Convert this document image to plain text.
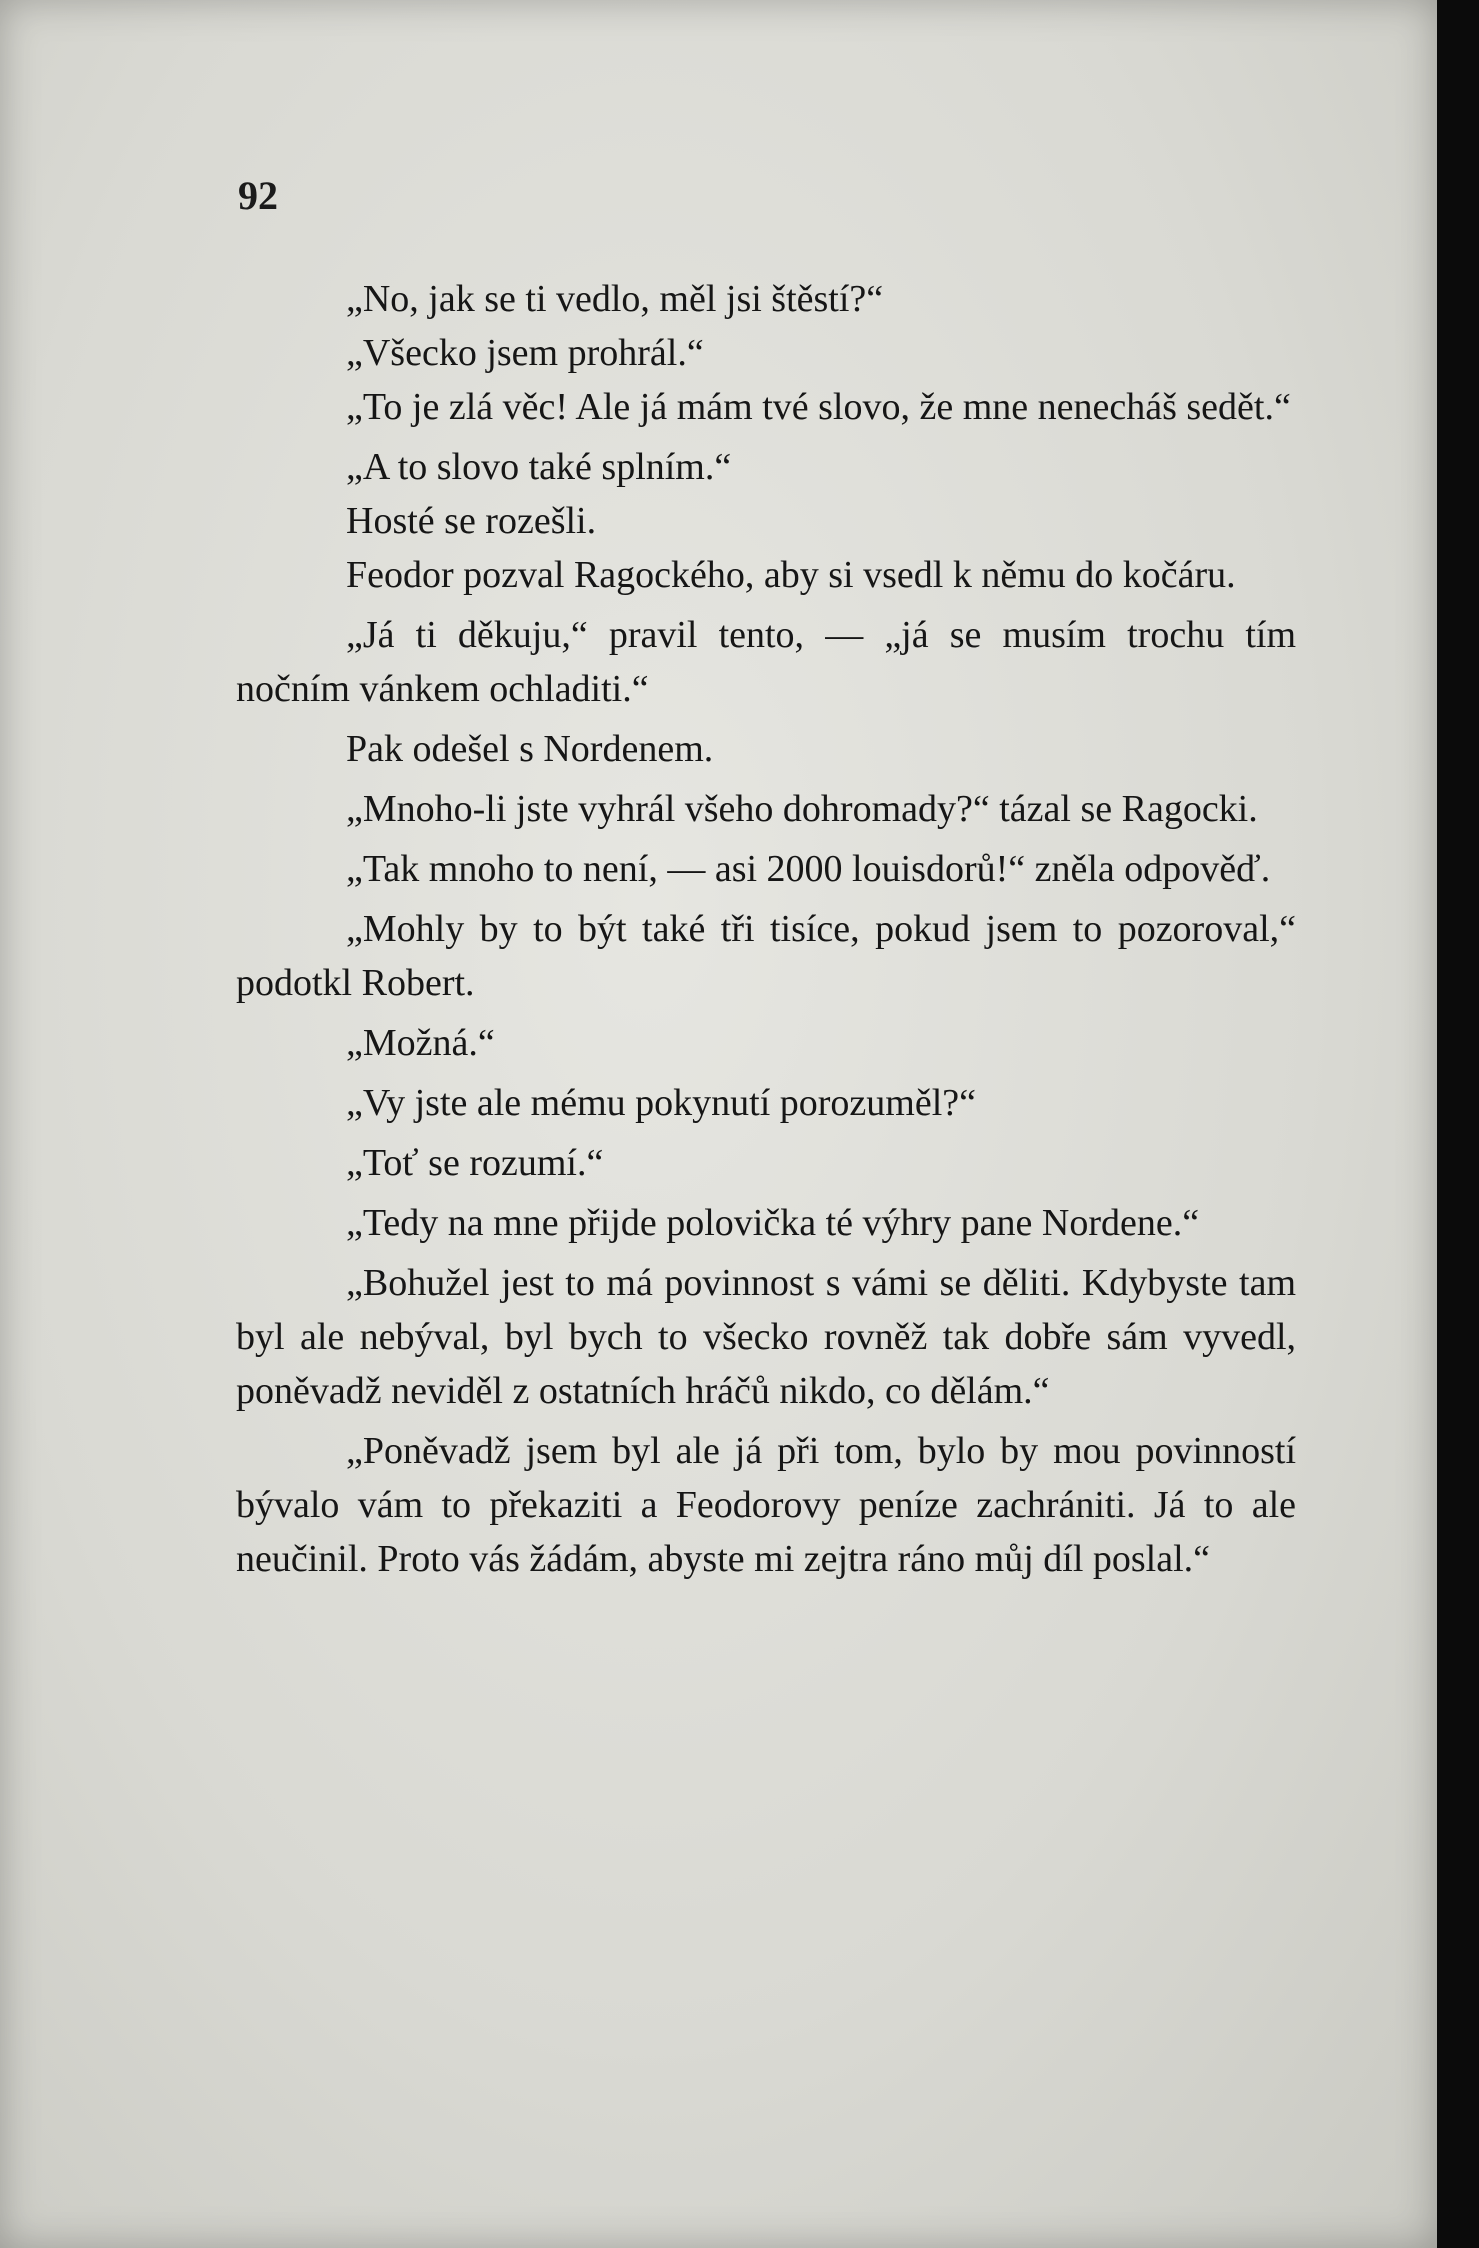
92

„No, jak se ti vedlo, měl jsi štěstí?“

„Všecko jsem prohrál.“

„To je zlá věc! Ale já mám tvé slovo, že mne nenecháš sedět.“

„A to slovo také splním.“

Hosté se rozešli.

Feodor pozval Ragockého, aby si vsedl k němu do kočáru.

„Já ti děkuju,“ pravil tento, — „já se musím trochu tím nočním vánkem ochladiti.“

Pak odešel s Nordenem.

„Mnoho-li jste vyhrál všeho dohromady?“ tázal se Ragocki.

„Tak mnoho to není, — asi 2000 louisdorů!“ zněla odpověď.

„Mohly by to být také tři tisíce, pokud jsem to pozoroval,“ podotkl Robert.

„Možná.“

„Vy jste ale mému pokynutí porozuměl?“

„Toť se rozumí.“

„Tedy na mne přijde polovička té výhry pane Nordene.“

„Bohužel jest to má povinnost s vámi se děliti. Kdybyste tam byl ale nebýval, byl bych to všecko rovněž tak dobře sám vyvedl, poněvadž neviděl z ostatních hráčů nikdo, co dělám.“

„Poněvadž jsem byl ale já při tom, bylo by mou povinností bývalo vám to překaziti a Feodorovy peníze zachrániti. Já to ale neučinil. Proto vás žádám, abyste mi zejtra ráno můj díl poslal.“
